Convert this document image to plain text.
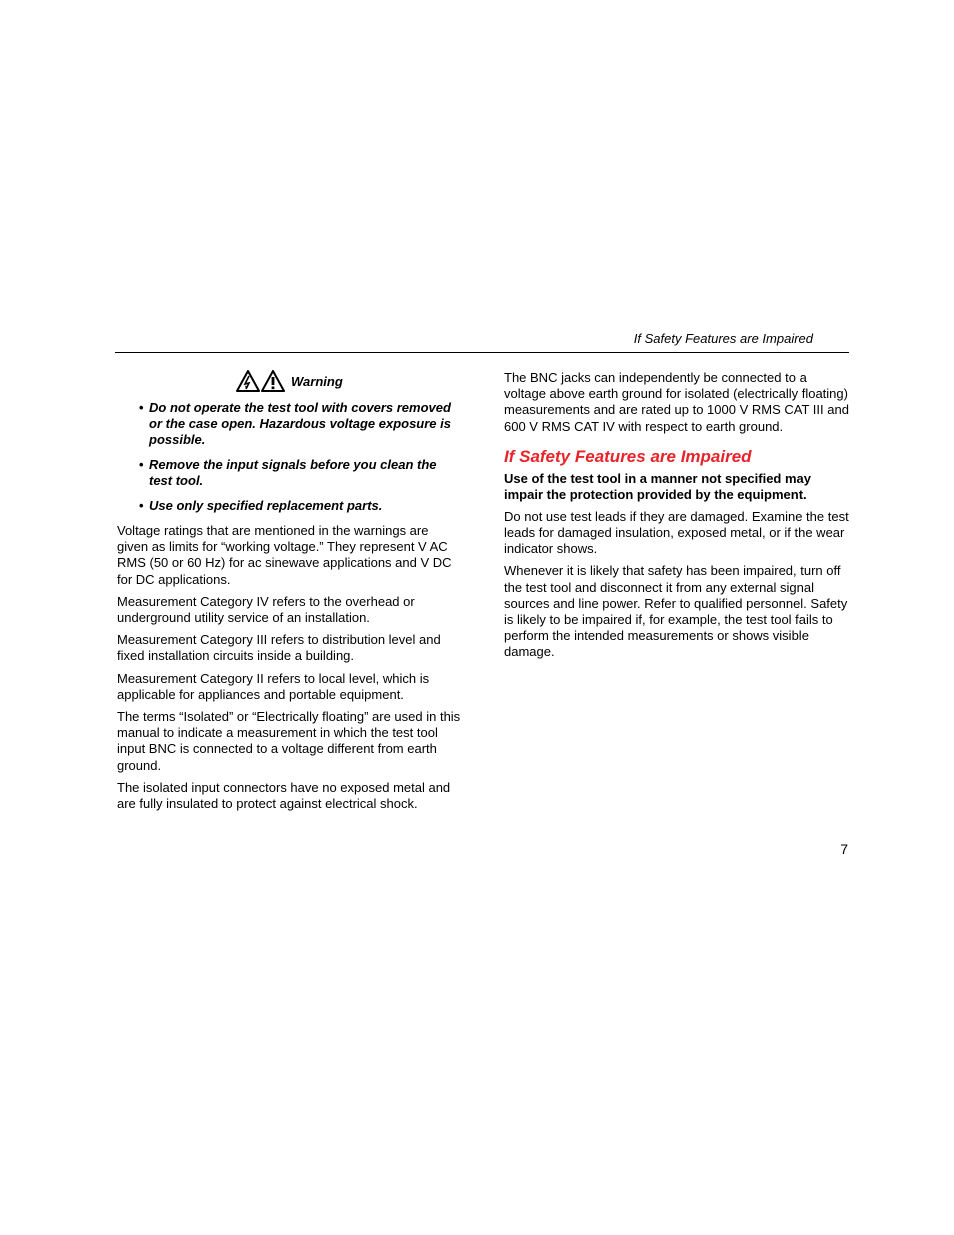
If Safety Features are Impaired
Warning
• Do not operate the test tool with covers removed or the case open. Hazardous voltage exposure is possible.
• Remove the input signals before you clean the test tool.
• Use only specified replacement parts.

Voltage ratings that are mentioned in the warnings are given as limits for “working voltage.” They represent V AC RMS (50 or 60 Hz) for ac sinewave applications and V DC for DC applications.

Measurement Category IV refers to the overhead or underground utility service of an installation.

Measurement Category III refers to distribution level and fixed installation circuits inside a building.

Measurement Category II refers to local level, which is applicable for appliances and portable equipment.

The terms “Isolated” or “Electrically floating” are used in this manual to indicate a measurement in which the test tool input BNC is connected to a voltage different from earth ground.

The isolated input connectors have no exposed metal and are fully insulated to protect against electrical shock.

The BNC jacks can independently be connected to a voltage above earth ground for isolated (electrically floating) measurements and are rated up to 1000 V RMS CAT III and 600 V RMS CAT IV with respect to earth ground.

If Safety Features are Impaired

Use of the test tool in a manner not specified may impair the protection provided by the equipment.

Do not use test leads if they are damaged. Examine the test leads for damaged insulation, exposed metal, or if the wear indicator shows.

Whenever it is likely that safety has been impaired, turn off the test tool and disconnect it from any external signal sources and line power. Refer to qualified personnel. Safety is likely to be impaired if, for example, the test tool fails to perform the intended measurements or shows visible damage.

7
